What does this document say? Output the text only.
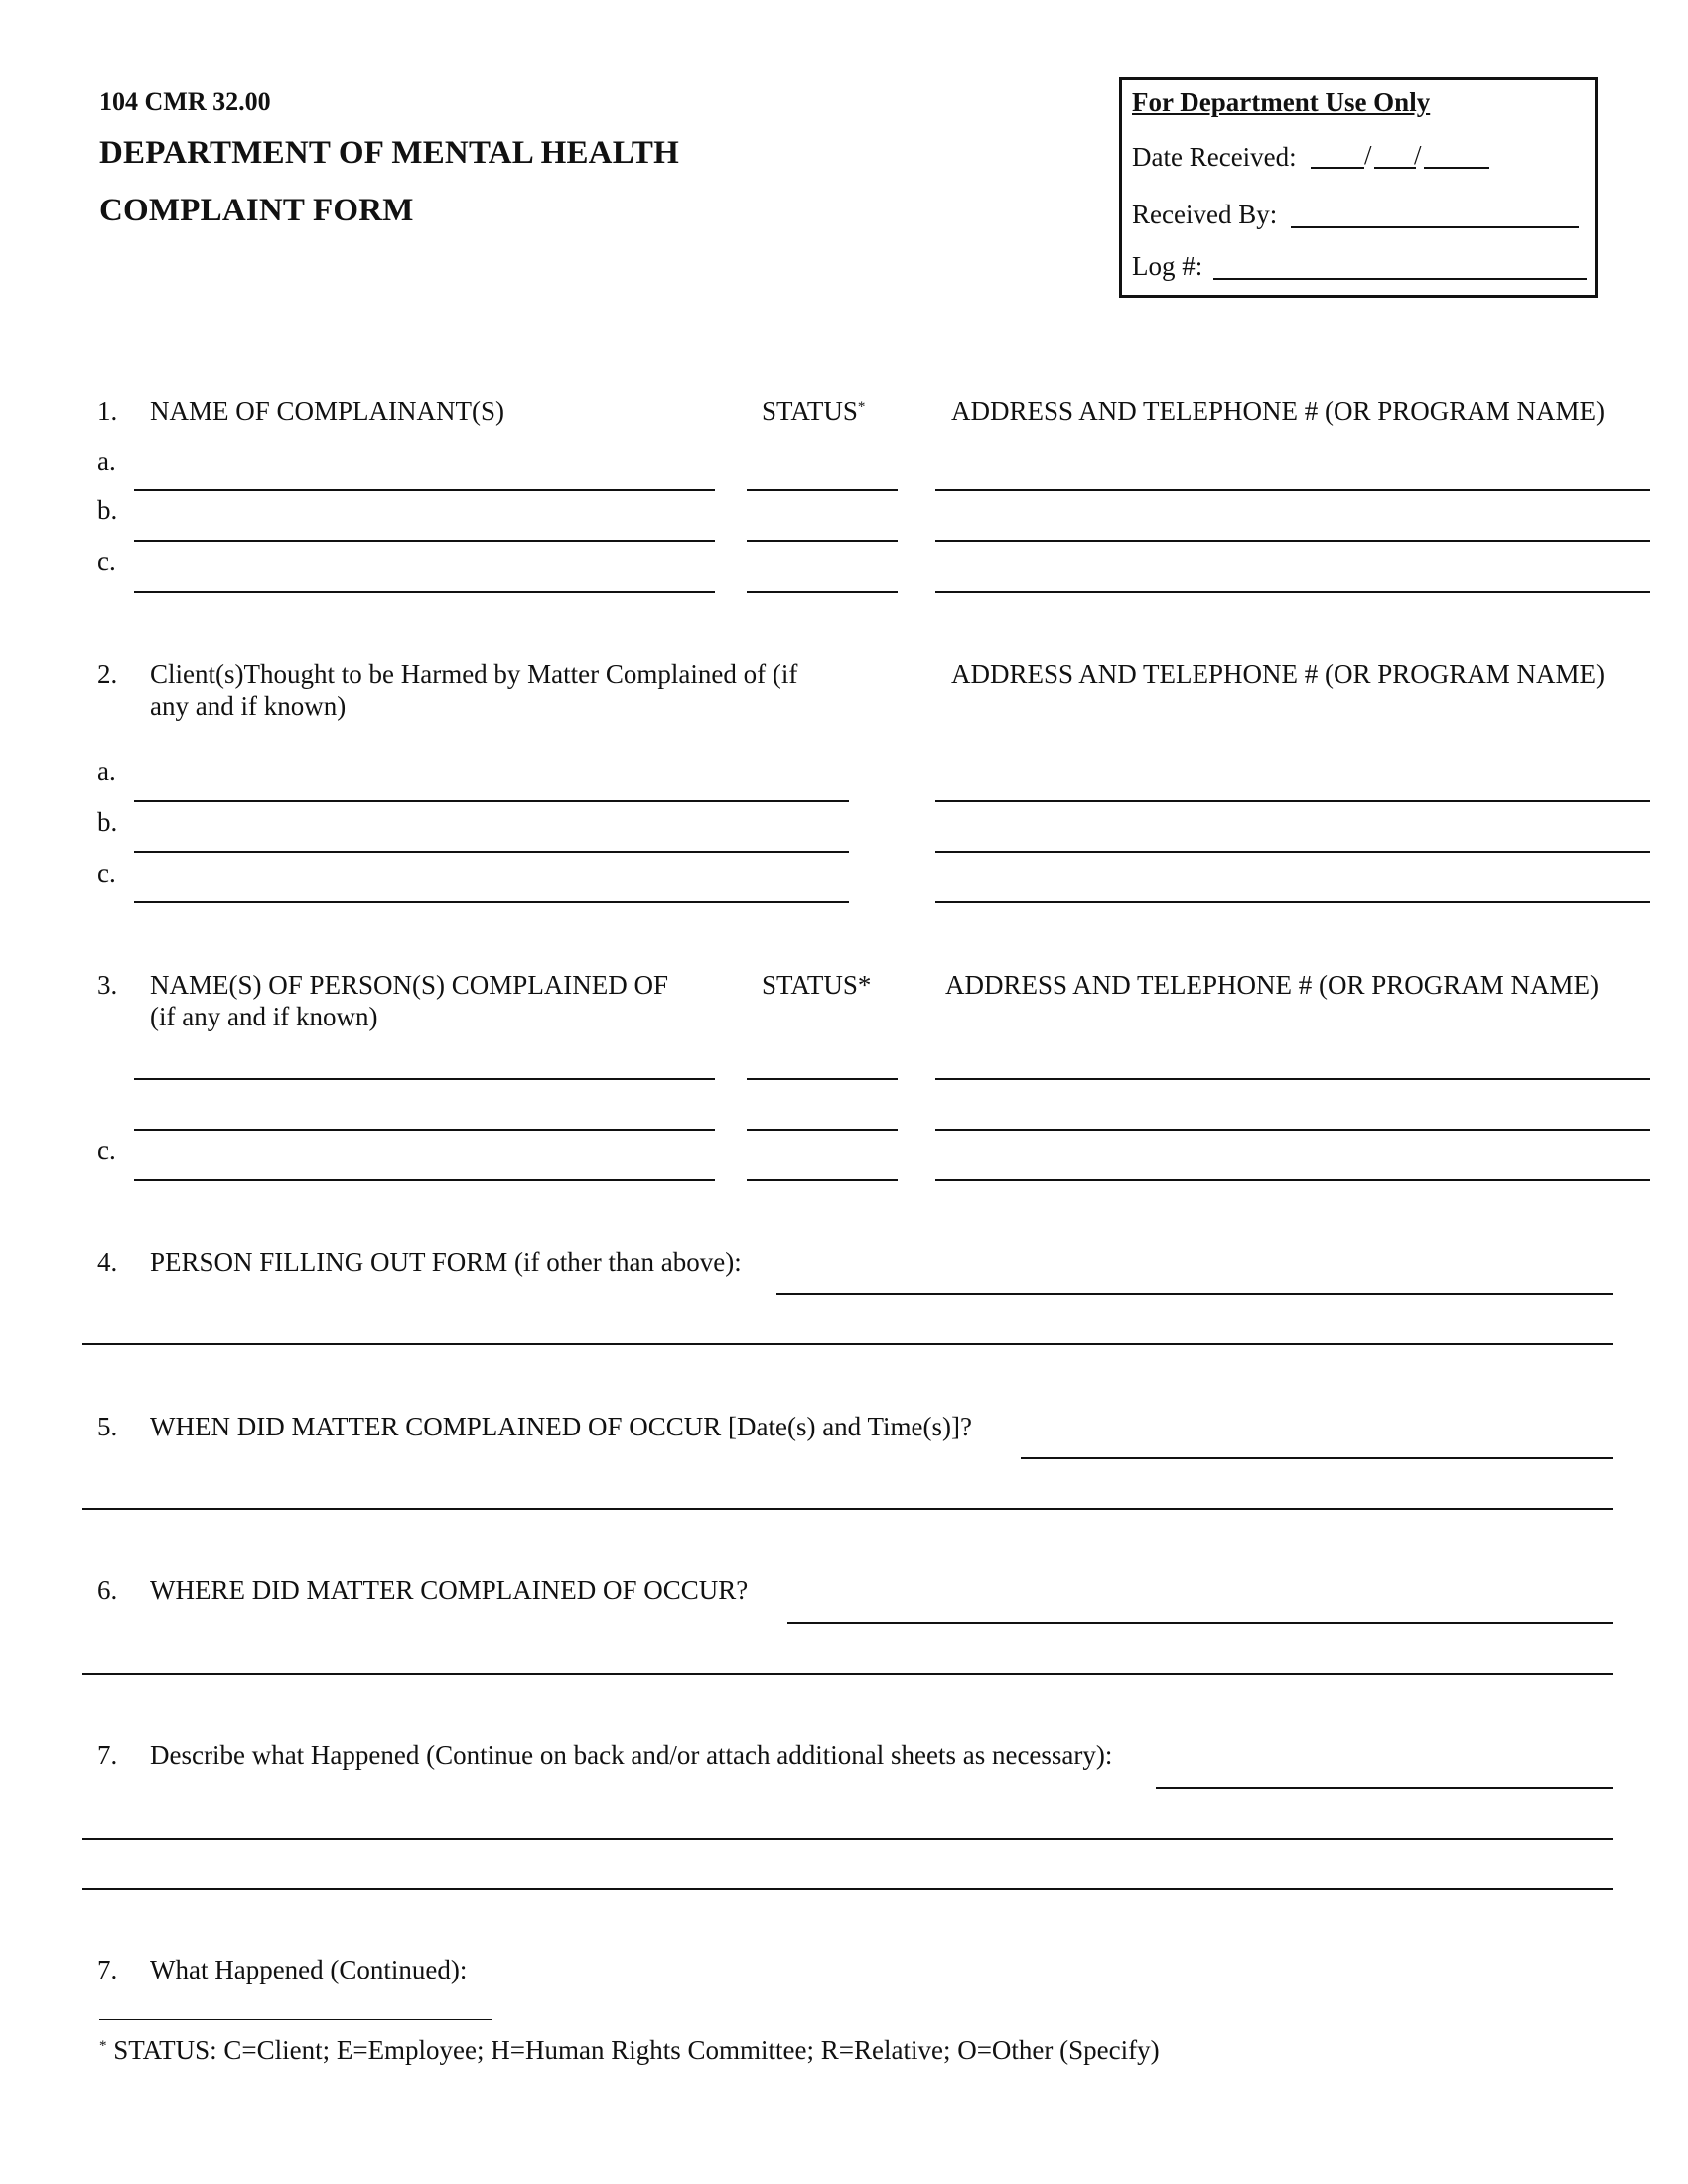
104 CMR 32.00
DEPARTMENT OF MENTAL HEALTH
COMPLAINT FORM
For Department Use Only
Date Received:	/ /
Received By:
Log #:
1. NAME OF COMPLAINANT(S)	STATUS*	ADDRESS AND TELEPHONE # (OR PROGRAM NAME)
a.
b.
c.
2. Client(s)Thought to be Harmed by Matter Complained of (if
any and if known)
ADDRESS AND TELEPHONE # (OR PROGRAM NAME)
a.
b.
c.
3. NAME(S) OF PERSON(S) COMPLAINED OF
(if any and if known)
STATUS*	ADDRESS AND TELEPHONE # (OR PROGRAM NAME)
c.
4. PERSON FILLING OUT FORM (if other than above):
5. WHEN DID MATTER COMPLAINED OF OCCUR [Date(s) and Time(s)]?
6. WHERE DID MATTER COMPLAINED OF OCCUR?
7. Describe what Happened (Continue on back and/or attach additional sheets as necessary):
7. What Happened (Continued):
* STATUS: C=Client; E=Employee; H=Human Rights Committee; R=Relative; O=Other (Specify)
